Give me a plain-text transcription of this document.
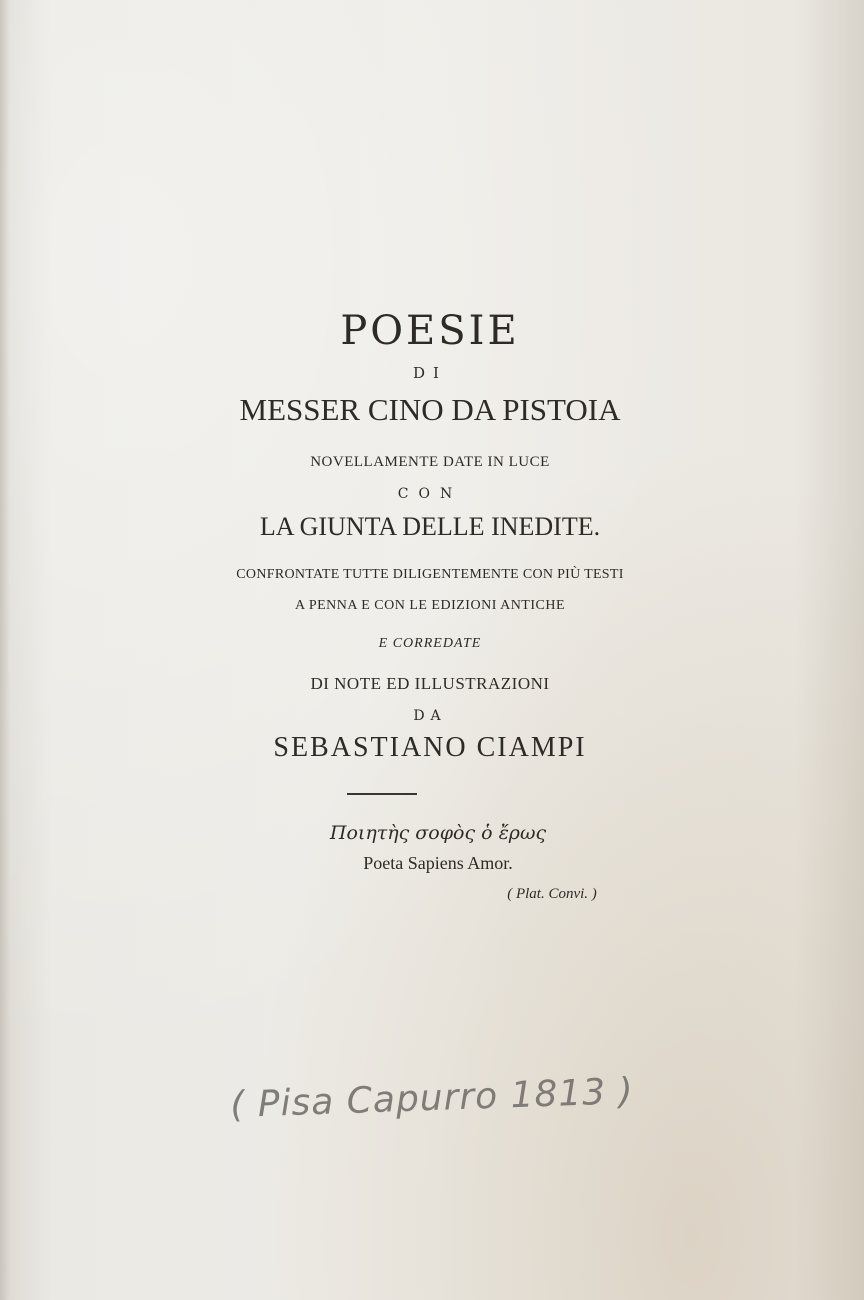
POESIE
DI
MESSER CINO DA PISTOIA
NOVELLAMENTE DATE IN LUCE
CON
LA GIUNTA DELLE INEDITE.
CONFRONTATE TUTTE DILIGENTEMENTE CON PIÙ TESTI
A PENNA E CON LE EDIZIONI ANTICHE
E CORREDATE
DI NOTE ED ILLUSTRAZIONI
DA
SEBASTIANO CIAMPI
Ποιητὴς σοφὸς ὁ ἔρως
Poeta Sapiens Amor.
( Plat. Convi. )
( Pisa Capurro 1813 )
